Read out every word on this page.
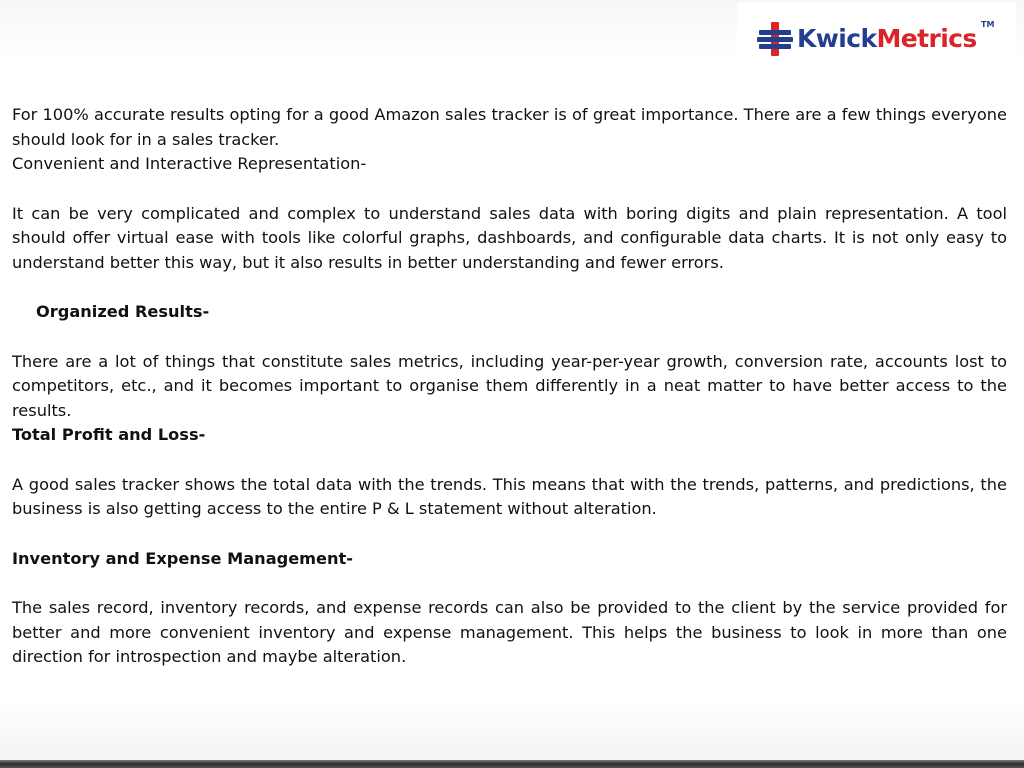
KwickMetrics TM

For 100% accurate results opting for a good Amazon sales tracker is of great importance. There are a few things everyone should look for in a sales tracker.

Convenient and Interactive Representation-

It can be very complicated and complex to understand sales data with boring digits and plain representation. A tool should offer virtual ease with tools like colorful graphs, dashboards, and configurable data charts. It is not only easy to understand better this way, but it also results in better understanding and fewer errors.

Organized Results-

There are a lot of things that constitute sales metrics, including year-per-year growth, conversion rate, accounts lost to competitors, etc., and it becomes important to organise them differently in a neat matter to have better access to the results.

Total Profit and Loss-

A good sales tracker shows the total data with the trends. This means that with the trends, patterns, and predictions, the business is also getting access to the entire P & L statement without alteration.

Inventory and Expense Management-

The sales record, inventory records, and expense records can also be provided to the client by the service provided for better and more convenient inventory and expense management. This helps the business to look in more than one direction for introspection and maybe alteration.
